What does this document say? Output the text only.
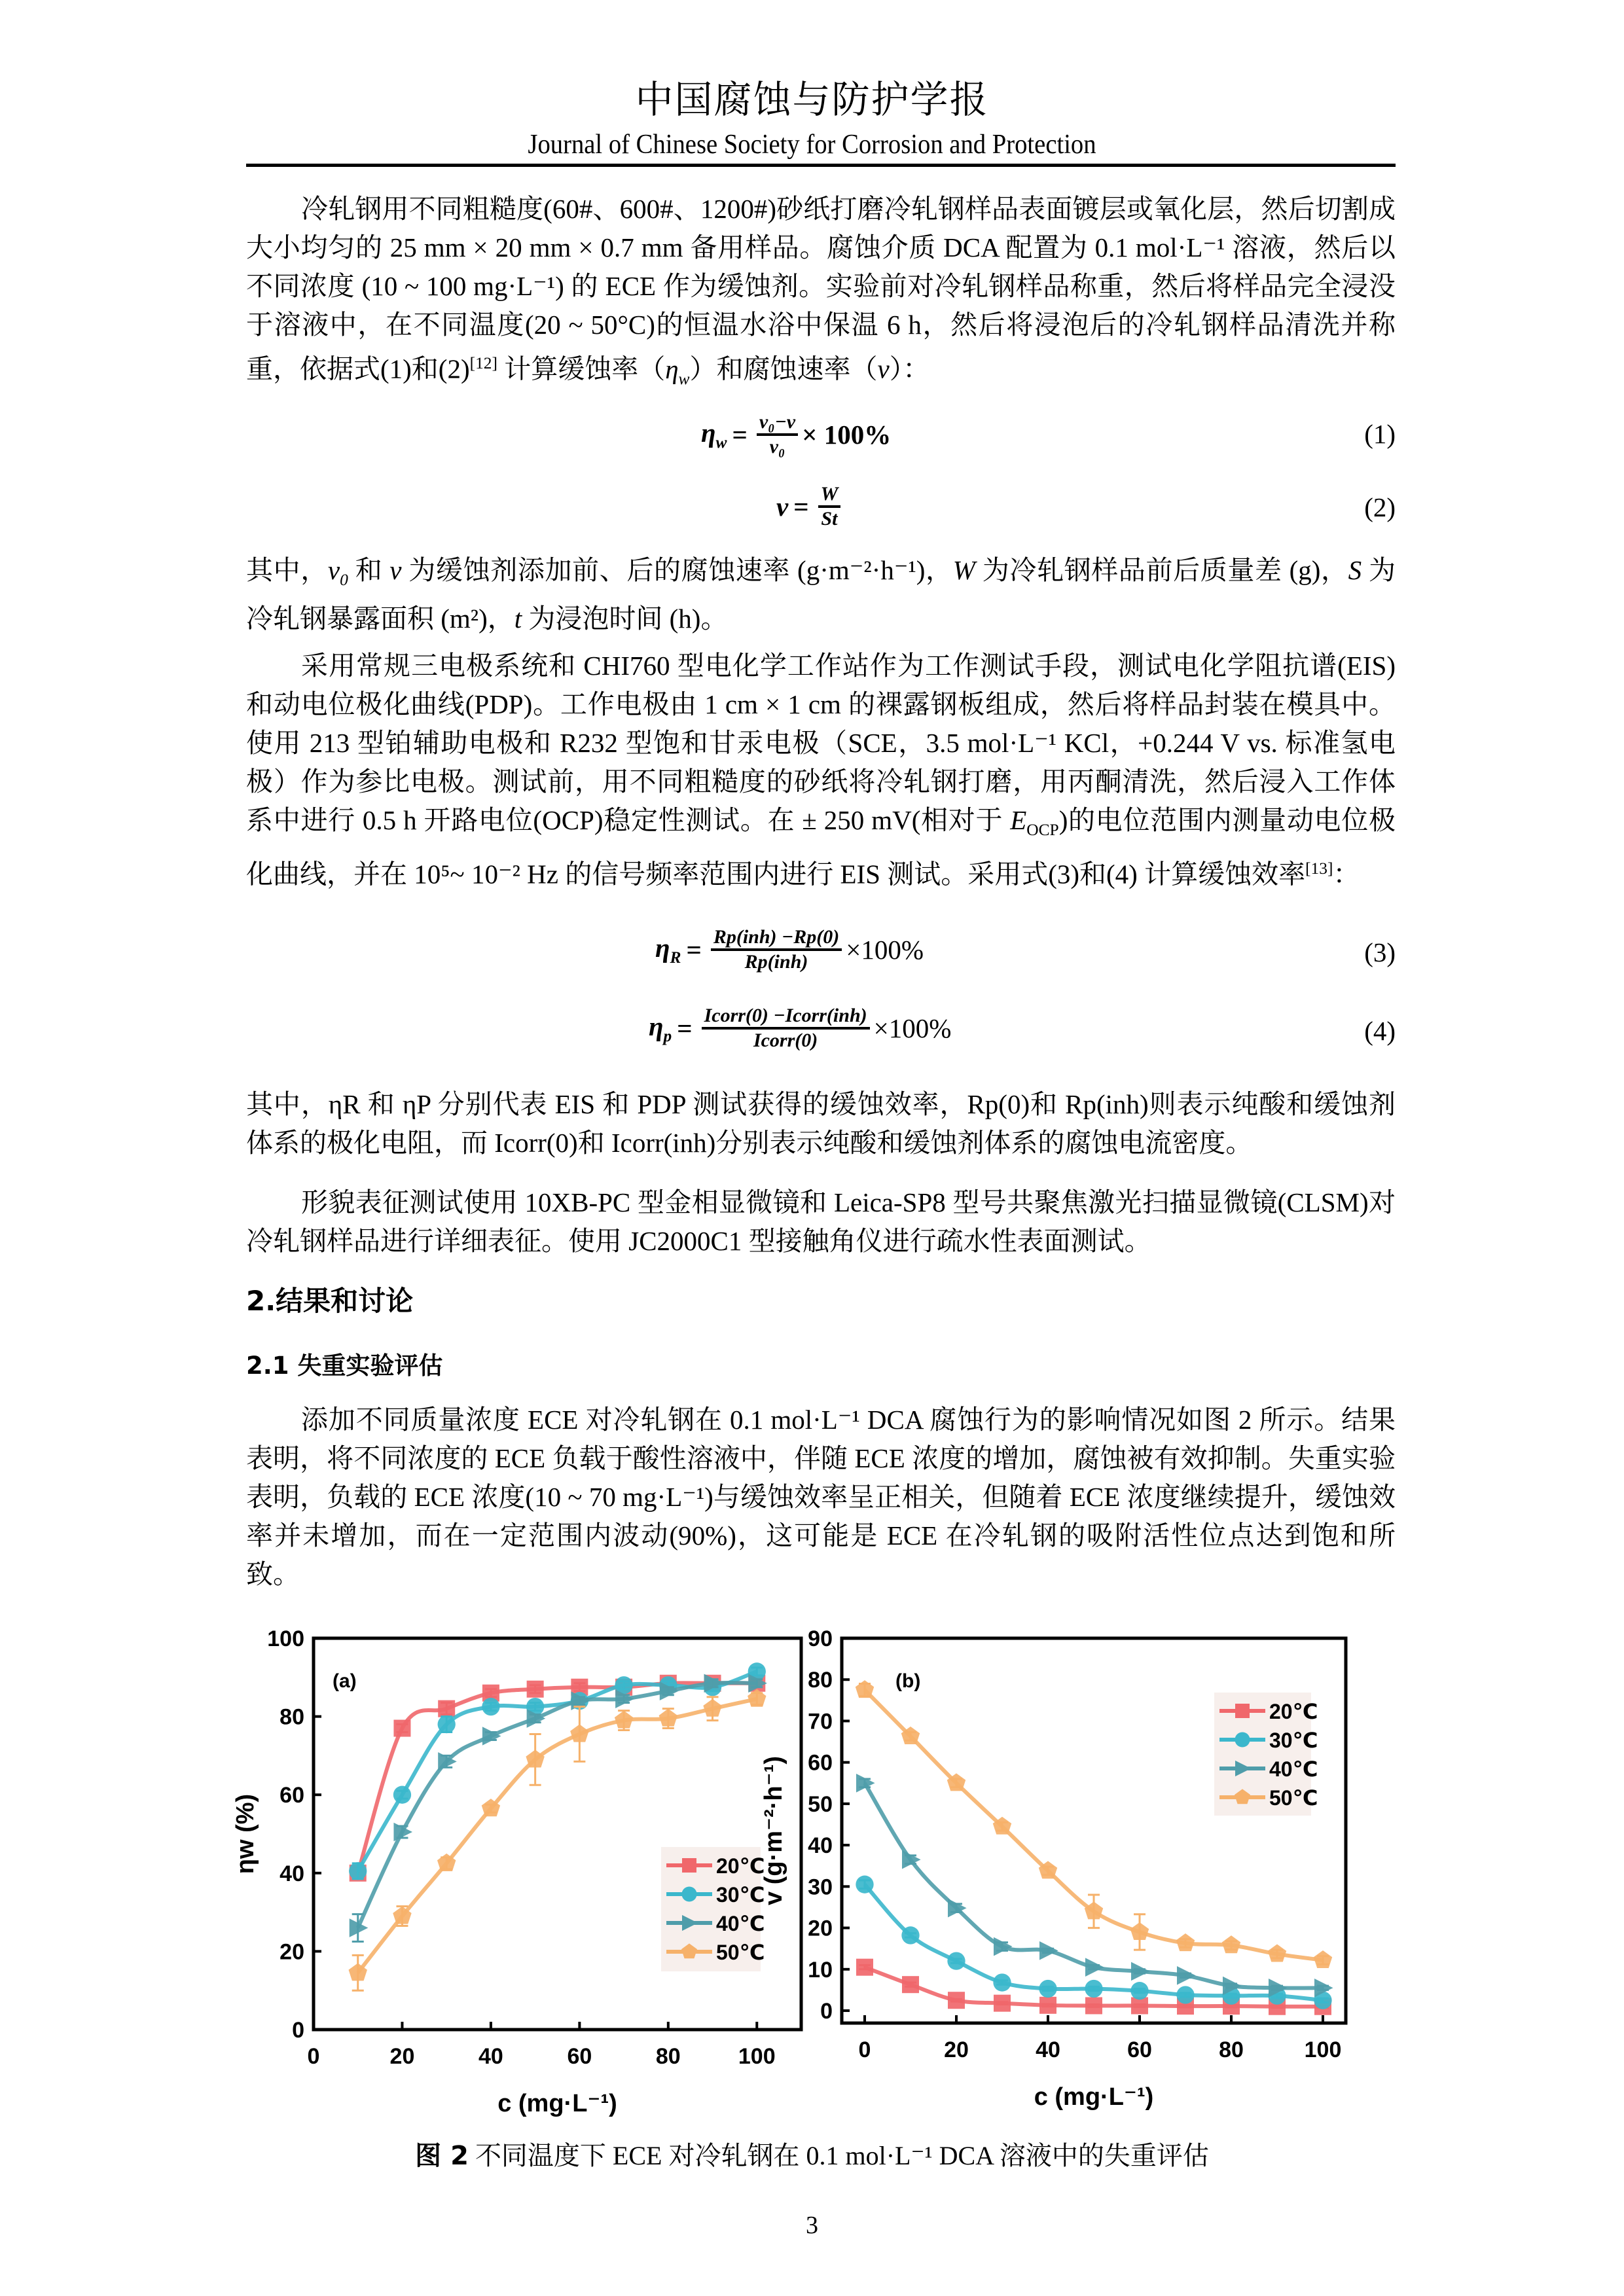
中国腐蚀与防护学报
Journal of Chinese Society for Corrosion and Protection
冷轧钢用不同粗糙度(60#、600#、1200#)砂纸打磨冷轧钢样品表面镀层或氧化层，然后切割成大小均匀的 25 mm × 20 mm × 0.7 mm 备用样品。腐蚀介质 DCA 配置为 0.1 mol·L⁻¹ 溶液，然后以不同浓度 (10 ~ 100 mg·L⁻¹) 的 ECE 作为缓蚀剂。实验前对冷轧钢样品称重，然后将样品完全浸没于溶液中，在不同温度(20 ~ 50°C)的恒温水浴中保温 6 h，然后将浸泡后的冷轧钢样品清洗并称重，依据式(1)和(2)[12] 计算缓蚀率$(\eta_w)$和腐蚀速率（v）：
$\eta_w = \frac{\text{v₀−v}}{\text{v₀}} \times 100\%$	(1)
$v = \frac{W}{St}$	(2)
其中，$v_0$ 和 v 为缓蚀剂添加前、后的腐蚀速率 (g·m⁻²·h⁻¹)，W 为冷轧钢样品前后质量差 (g)，S 为冷轧钢暴露面积 (m²)，t 为浸泡时间 (h)。
采用常规三电极系统和 CHI760 型电化学工作站作为工作测试手段，测试电化学阻抗谱(EIS)和动电位极化曲线(PDP)。工作电极由 1 cm × 1 cm 的裸露钢板组成，然后将样品封装在模具中。使用 213 型铂辅助电极和 R232 型饱和甘汞电极（SCE，3.5 mol·L⁻¹ KCl，+0.244 V vs. 标准氢电极）作为参比电极。测试前，用不同粗糙度的砂纸将冷轧钢打磨，用丙酮清洗，然后浸入工作体系中进行 0.5 h 开路电位(OCP)稳定性测试。在 ± 250 mV(相对于 $E_{OCP}$)的电位范围内测量动电位极化曲线，并在 10⁵~ 10⁻² Hz 的信号频率范围内进行 EIS 测试。采用式(3)和(4) 计算缓蚀效率[13]：
$\eta_R = \frac{\text{Rp(inh) −Rp(0)}}{\text{Rp(inh)}} \times 100\%$	(3)
$\eta_p = \frac{\text{Icorr(0) −Icorr(inh)}}{\text{Icorr(0)}} \times 100\%$	(4)
其中，ηR 和 ηP 分别代表 EIS 和 PDP 测试获得的缓蚀效率，Rp(0)和 Rp(inh)则表示纯酸和缓蚀剂体系的极化电阻，而 Icorr(0)和 Icorr(inh)分别表示纯酸和缓蚀剂体系的腐蚀电流密度。
形貌表征测试使用 10XB-PC 型金相显微镜和 Leica-SP8 型号共聚焦激光扫描显微镜(CLSM)对冷轧钢样品进行详细表征。使用 JC2000C1 型接触角仪进行疏水性表面测试。
2.结果和讨论
2.1 失重实验评估
添加不同质量浓度 ECE 对冷轧钢在 0.1 mol·L⁻¹ DCA 腐蚀行为的影响情况如图 2 所示。结果表明，将不同浓度的 ECE 负载于酸性溶液中，伴随 ECE 浓度的增加，腐蚀被有效抑制。失重实验表明，负载的 ECE 浓度(10 ~ 70 mg·L⁻¹)与缓蚀效率呈正相关，但随着 ECE 浓度继续提升，缓蚀效率并未增加，而在一定范围内波动(90%)，这可能是 ECE 在冷轧钢的吸附活性位点达到饱和所致。
0	20	40	60	80	100
0
20
40
60
80
100
c (mg·L⁻¹)
ηw (%)
(a)
20℃
30℃
40℃
50℃
0	20	40	60	80	100
0
10
20
30
40
50
60
70
80
90
c (mg·L⁻¹)
v (g·m⁻²·h⁻¹)
(b)
20℃
30℃
40℃
50℃
图 2 不同温度下 ECE 对冷轧钢在 0.1 mol·L⁻¹ DCA 溶液中的失重评估
3
